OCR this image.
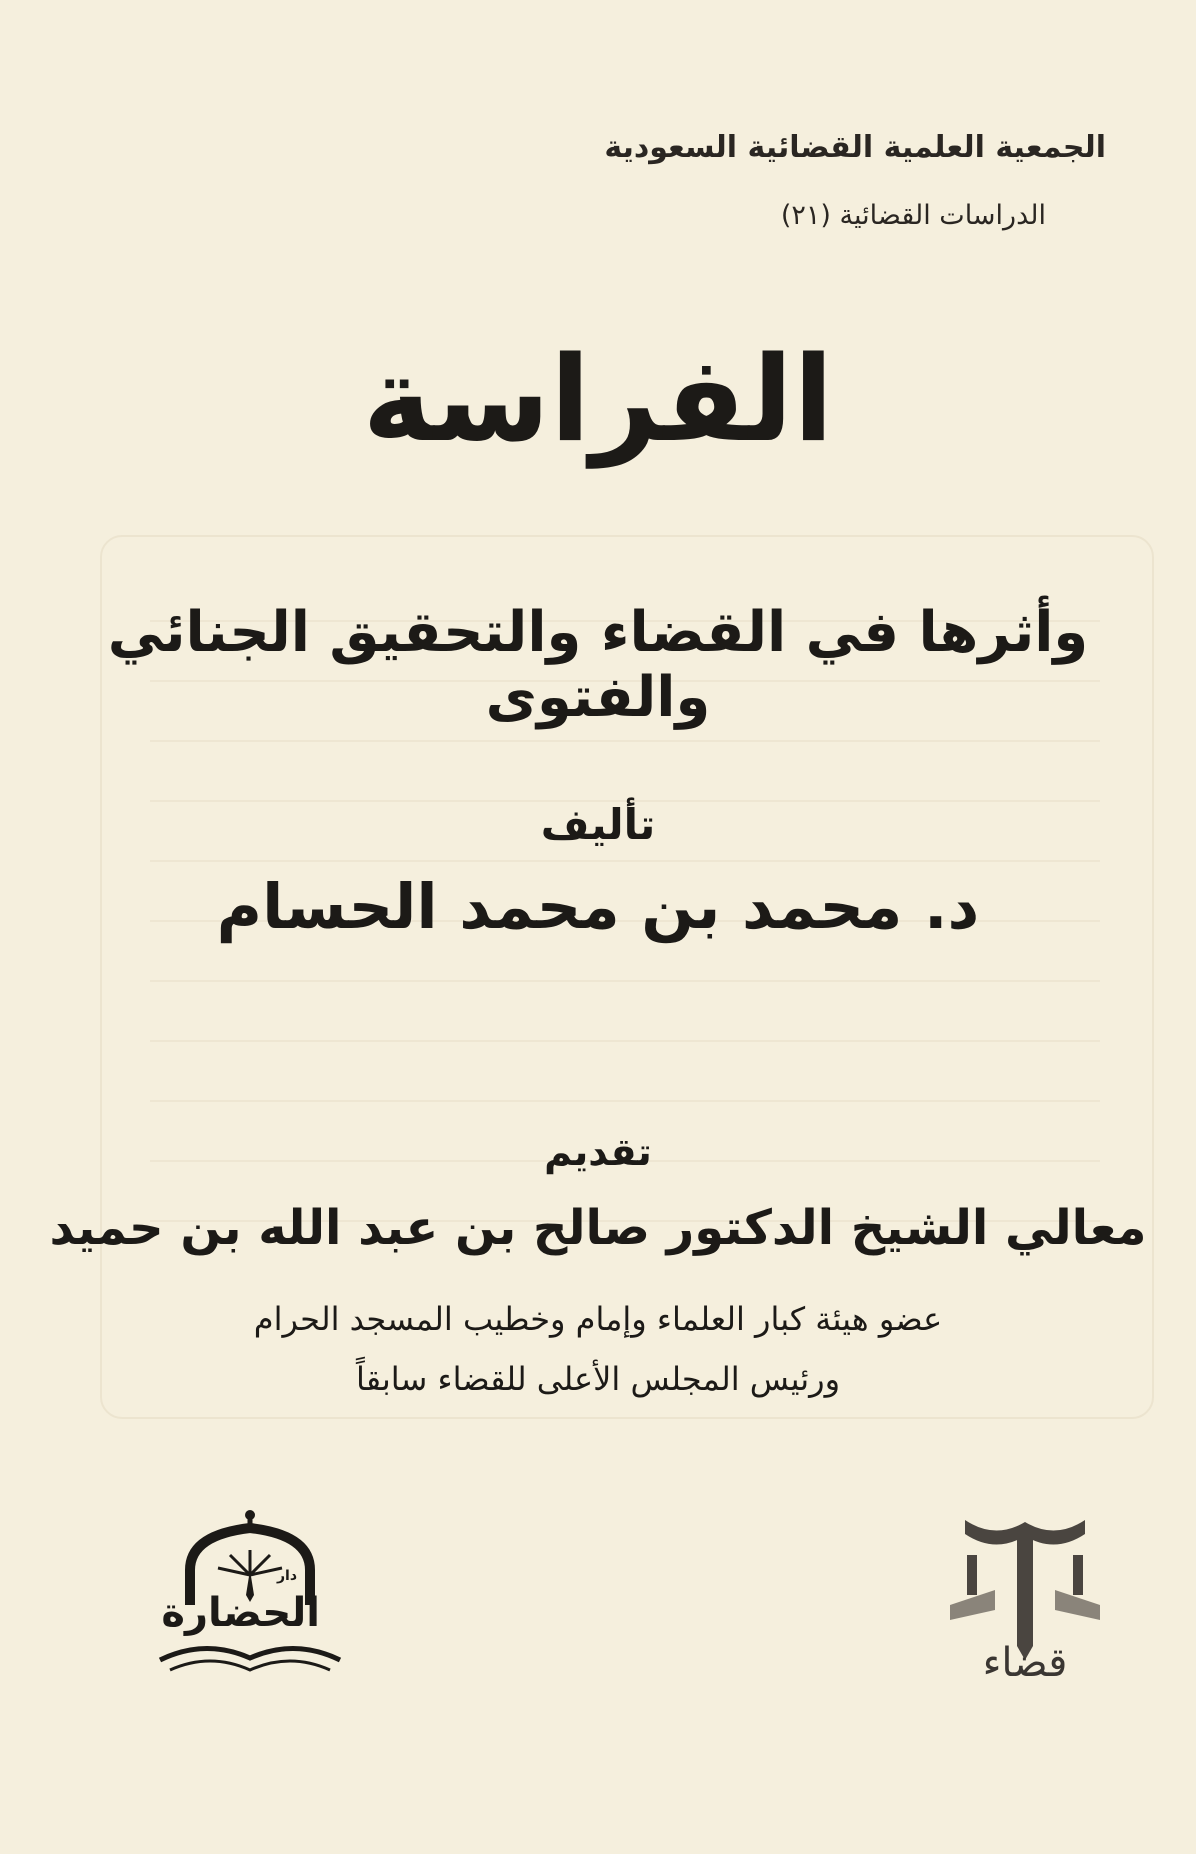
الجمعية العلمية القضائية السعودية
الدراسات القضائية (٢١)
الفراسة
وأثرها في القضاء والتحقيق الجنائي والفتوى
تأليف
د. محمد بن محمد الحسام
تقديم
معالي الشيخ الدكتور صالح بن عبد الله بن حميد
عضو هيئة كبار العلماء وإمام وخطيب المسجد الحرام
ورئيس المجلس الأعلى للقضاء سابقاً
دار
الحضارة
قضاء
